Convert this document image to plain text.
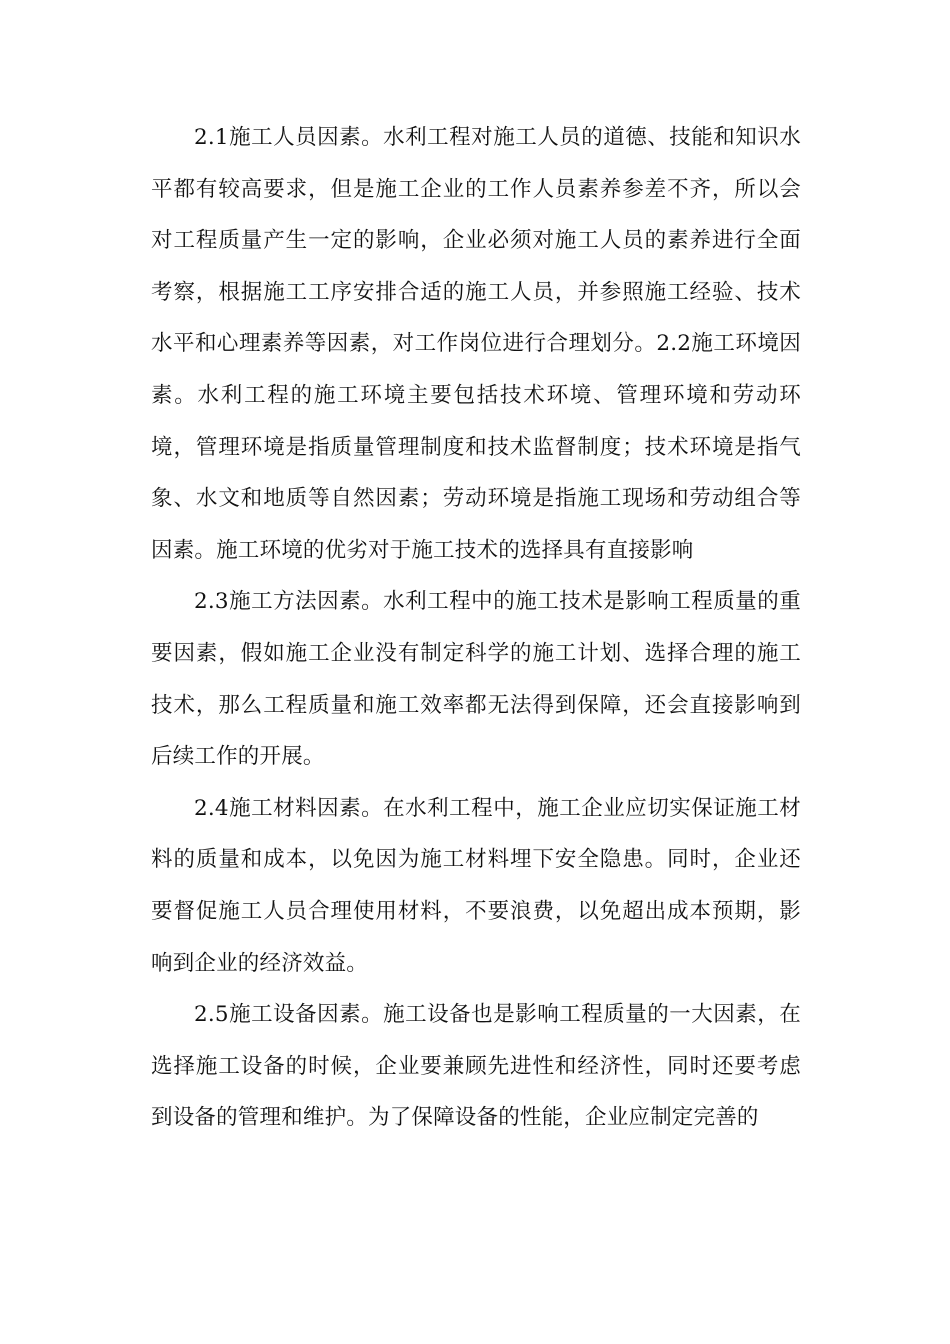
2.1施工人员因素。水利工程对施工人员的道德、技能和知识水平都有较高要求，但是施工企业的工作人员素养参差不齐，所以会对工程质量产生一定的影响，企业必须对施工人员的素养进行全面考察，根据施工工序安排合适的施工人员，并参照施工经验、技术水平和心理素养等因素，对工作岗位进行合理划分。2.2施工环境因素。水利工程的施工环境主要包括技术环境、管理环境和劳动环境，管理环境是指质量管理制度和技术监督制度；技术环境是指气象、水文和地质等自然因素；劳动环境是指施工现场和劳动组合等因素。施工环境的优劣对于施工技术的选择具有直接影响

2.3施工方法因素。水利工程中的施工技术是影响工程质量的重要因素，假如施工企业没有制定科学的施工计划、选择合理的施工技术，那么工程质量和施工效率都无法得到保障，还会直接影响到后续工作的开展。

2.4施工材料因素。在水利工程中，施工企业应切实保证施工材料的质量和成本，以免因为施工材料埋下安全隐患。同时，企业还要督促施工人员合理使用材料，不要浪费，以免超出成本预期，影响到企业的经济效益。

2.5施工设备因素。施工设备也是影响工程质量的一大因素，在选择施工设备的时候，企业要兼顾先进性和经济性，同时还要考虑到设备的管理和维护。为了保障设备的性能，企业应制定完善的
